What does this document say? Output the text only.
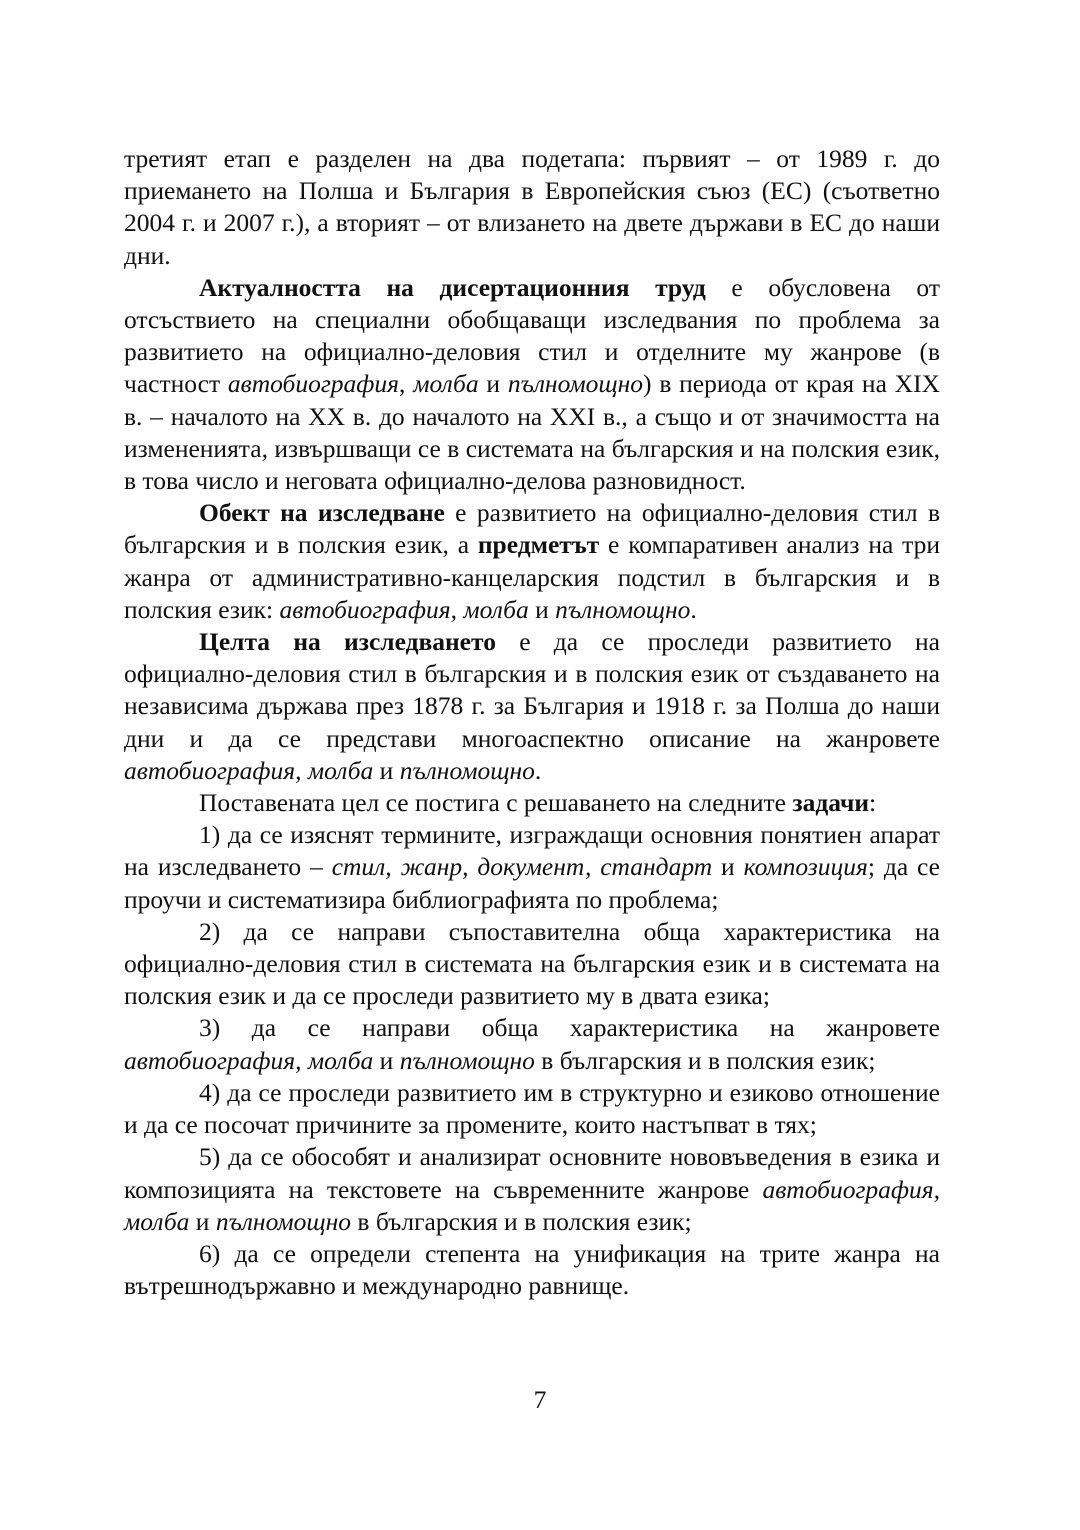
третият етап е разделен на два подетапа: първият – от 1989 г. до приемането на Полша и България в Европейския съюз (ЕС) (съответно 2004 г. и 2007 г.), а вторият – от влизането на двете държави в ЕС до наши дни.

Актуалността на дисертационния труд е обусловена от отсъствието на специални обобщаващи изследвания по проблема за развитието на официално-деловия стил и отделните му жанрове (в частност автобиография, молба и пълномощно) в периода от края на XIX в. – началото на XX в. до началото на XXI в., а също и от значимостта на измененията, извършващи се в системата на българския и на полския език, в това число и неговата официално-делова разновидност.

Обект на изследване е развитието на официално-деловия стил в българския и в полския език, а предметът е компаративен анализ на три жанра от административно-канцеларския подстил в българския и в полския език: автобиография, молба и пълномощно.

Целта на изследването е да се проследи развитието на официално-деловия стил в българския и в полския език от създаването на независима държава през 1878 г. за България и 1918 г. за Полша до наши дни и да се представи многоаспектно описание на жанровете автобиография, молба и пълномощно.

Поставената цел се постига с решаването на следните задачи:

1) да се изяснят термините, изграждащи основния понятиен апарат на изследването – стил, жанр, документ, стандарт и композиция; да се проучи и систематизира библиографията по проблема;

2) да се направи съпоставителна обща характеристика на официално-деловия стил в системата на българския език и в системата на полския език и да се проследи развитието му в двата езика;

3) да се направи обща характеристика на жанровете автобиография, молба и пълномощно в българския и в полския език;

4) да се проследи развитието им в структурно и езиково отношение и да се посочат причините за промените, които настъпват в тях;

5) да се обособят и анализират основните нововъведения в езика и композицията на текстовете на съвременните жанрове автобиография, молба и пълномощно в българския и в полския език;

6) да се определи степента на унификация на трите жанра на вътрешнодържавно и международно равнище.

7
